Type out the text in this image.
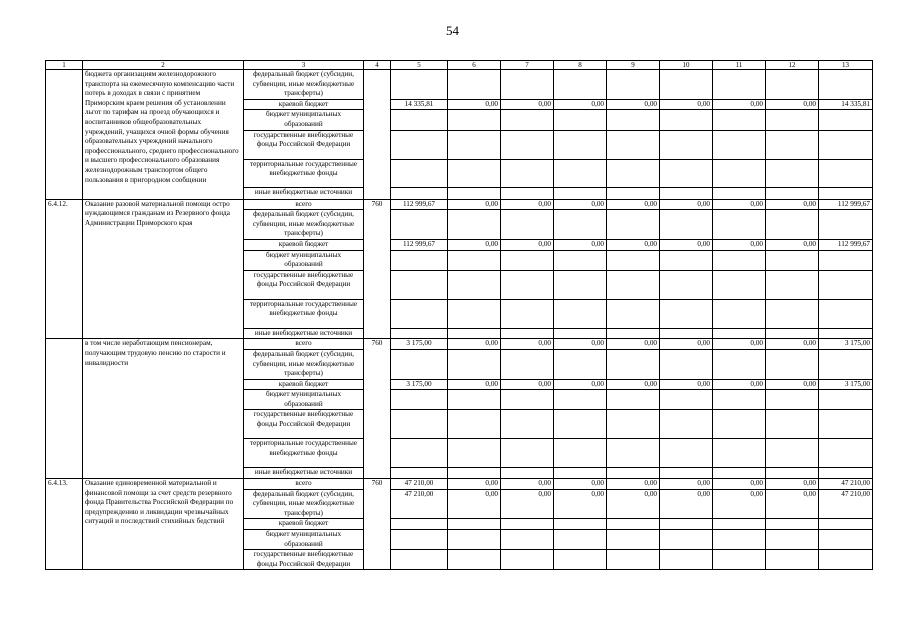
54
1	2	3	4	5	6	7	8	9	10	11	12	13
	бюджета организациям железнодорожного транспорта на ежемесячную компенсацию части потерь в доходах в связи с принятием Приморским краем решения об установлении льгот по тарифам на проезд обучающихся и воспитанников общеобразовательных учреждений, учащихся очной формы обучения образовательных учреждений начального профессионального, среднего профессионального и высшего профессионального образования железнодорожным транспортом общего пользования в пригородном сообщении	федеральный бюджет (субсидии, субвенции, иные межбюджетные трансферты)										
		краевой бюджет		14 335,81	0,00	0,00	0,00	0,00	0,00	0,00	0,00	14 335,81
		бюджет муниципальных образований										
		государственные внебюджетные фонды Российской Федерации										
		территориальные государственные внебюджетные фонды										
		иные внебюджетные источники										
6.4.12.	Оказание разовой материальной помощи остро нуждающимся гражданам из Резервного фонда Администрации Приморского края	всего	760	112 999,67	0,00	0,00	0,00	0,00	0,00	0,00	0,00	112 999,67
		федеральный бюджет (субсидии, субвенции, иные межбюджетные трансферты)										
		краевой бюджет		112 999,67	0,00	0,00	0,00	0,00	0,00	0,00	0,00	112 999,67
		бюджет муниципальных образований										
		государственные внебюджетные фонды Российской Федерации										
		территориальные государственные внебюджетные фонды										
		иные внебюджетные источники										
	в том числе неработающим пенсионерам, получающим трудовую пенсию по старости и инвалидности	всего	760	3 175,00	0,00	0,00	0,00	0,00	0,00	0,00	0,00	3 175,00
		федеральный бюджет (субсидии, субвенции, иные межбюджетные трансферты)										
		краевой бюджет		3 175,00	0,00	0,00	0,00	0,00	0,00	0,00	0,00	3 175,00
		бюджет муниципальных образований										
		государственные внебюджетные фонды Российской Федерации										
		территориальные государственные внебюджетные фонды										
		иные внебюджетные источники										
6.4.13.	Оказание единовременной материальной и финансовой помощи за счет средств резервного фонда Правительства Российской Федерации по предупреждению и ликвидации чрезвычайных ситуаций и последствий стихийных бедствий	всего	760	47 210,00	0,00	0,00	0,00	0,00	0,00	0,00	0,00	47 210,00
		федеральный бюджет (субсидии, субвенции, иные межбюджетные трансферты)		47 210,00	0,00	0,00	0,00	0,00	0,00	0,00	0,00	47 210,00
		краевой бюджет										
		бюджет муниципальных образований										
		государственные внебюджетные фонды Российской Федерации										
